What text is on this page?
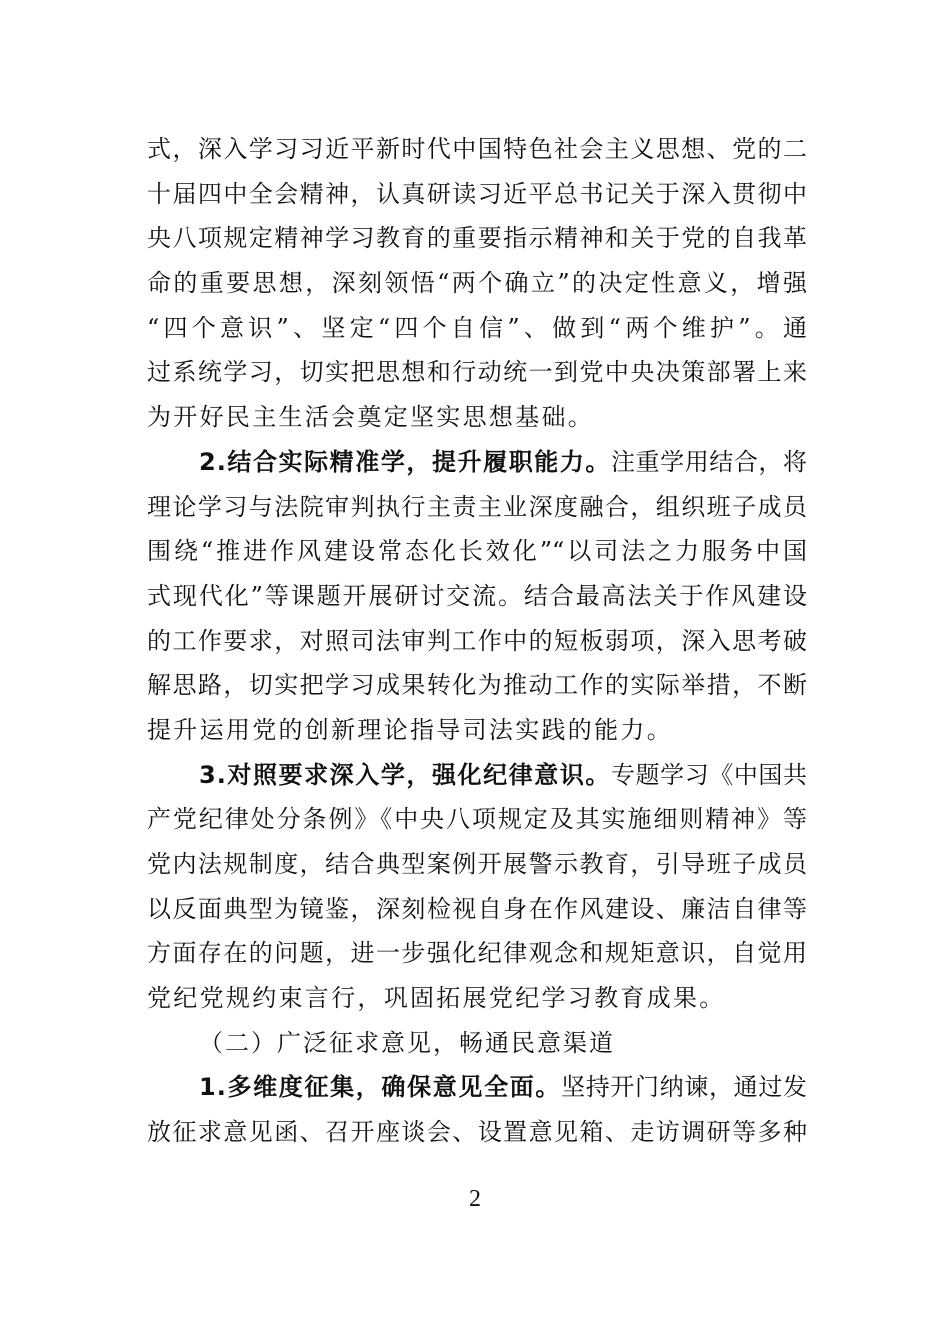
式，深入学习习近平新时代中国特色社会主义思想、党的二
十届四中全会精神，认真研读习近平总书记关于深入贯彻中
央八项规定精神学习教育的重要指示精神和关于党的自我革
命的重要思想，深刻领悟“两个确立”的决定性意义，增强
“四个意识”、坚定“四个自信”、做到“两个维护”。通
过系统学习，切实把思想和行动统一到党中央决策部署上来
为开好民主生活会奠定坚实思想基础。
2.结合实际精准学，提升履职能力。注重学用结合，将
理论学习与法院审判执行主责主业深度融合，组织班子成员
围绕“推进作风建设常态化长效化”“以司法之力服务中国
式现代化”等课题开展研讨交流。结合最高法关于作风建设
的工作要求，对照司法审判工作中的短板弱项，深入思考破
解思路，切实把学习成果转化为推动工作的实际举措，不断
提升运用党的创新理论指导司法实践的能力。
3.对照要求深入学，强化纪律意识。专题学习《中国共
产党纪律处分条例》《中央八项规定及其实施细则精神》等
党内法规制度，结合典型案例开展警示教育，引导班子成员
以反面典型为镜鉴，深刻检视自身在作风建设、廉洁自律等
方面存在的问题，进一步强化纪律观念和规矩意识，自觉用
党纪党规约束言行，巩固拓展党纪学习教育成果。
（二）广泛征求意见，畅通民意渠道
1.多维度征集，确保意见全面。坚持开门纳谏，通过发
放征求意见函、召开座谈会、设置意见箱、走访调研等多种
2
